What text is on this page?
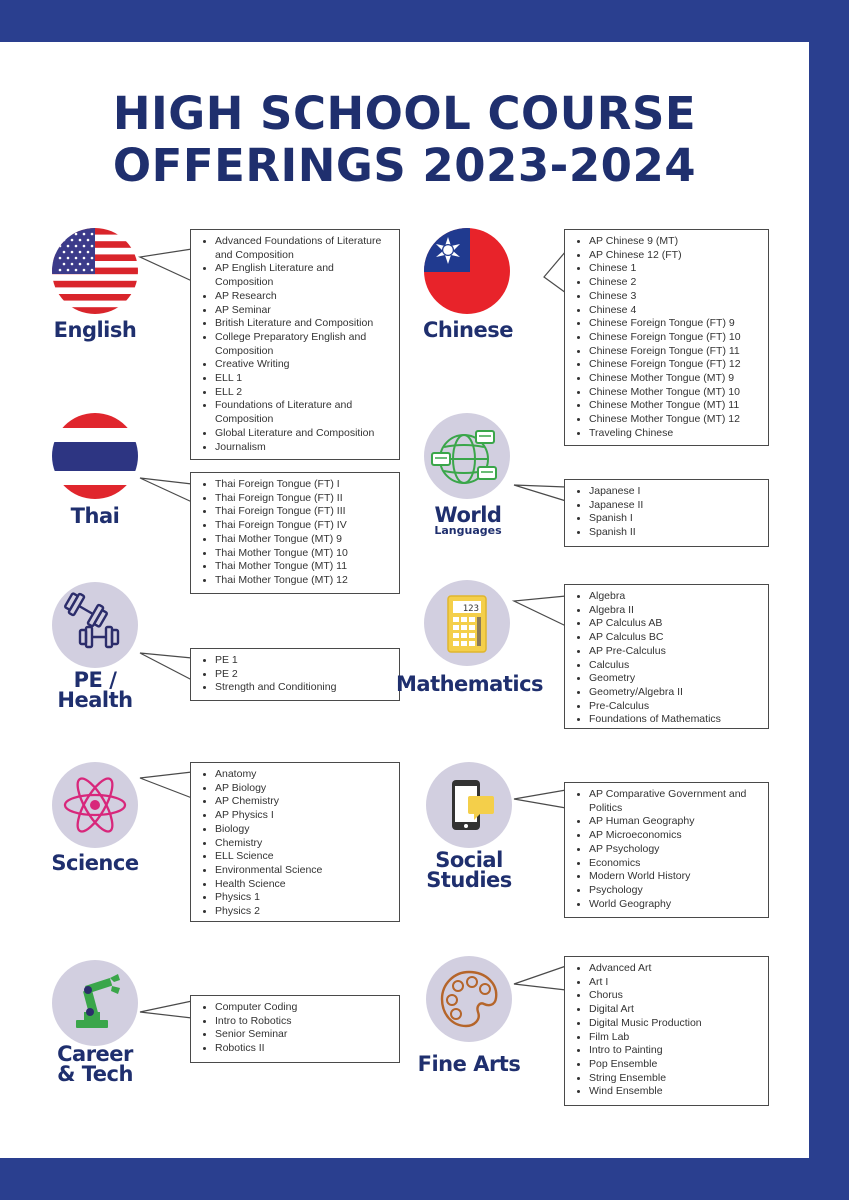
HIGH SCHOOL COURSE
OFFERINGS 2023-2024
English
• Advanced Foundations of Literature and Composition
• AP English Literature and Composition
• AP Research
• AP Seminar
• British Literature and Composition
• College Preparatory English and Composition
• Creative Writing
• ELL 1
• ELL 2
• Foundations of Literature and Composition
• Global Literature and Composition
• Journalism
Thai
• Thai Foreign Tongue (FT) I
• Thai Foreign Tongue (FT) II
• Thai Foreign Tongue (FT) III
• Thai Foreign Tongue (FT) IV
• Thai Mother Tongue (MT) 9
• Thai Mother Tongue (MT) 10
• Thai Mother Tongue (MT) 11
• Thai Mother Tongue (MT) 12
PE /
Health
• PE 1
• PE 2
• Strength and Conditioning
Science
• Anatomy
• AP Biology
• AP Chemistry
• AP Physics I
• Biology
• Chemistry
• ELL Science
• Environmental Science
• Health Science
• Physics 1
• Physics 2
Career
& Tech
• Computer Coding
• Intro to Robotics
• Senior Seminar
• Robotics II
Chinese
• AP Chinese 9 (MT)
• AP Chinese 12 (FT)
• Chinese 1
• Chinese 2
• Chinese 3
• Chinese 4
• Chinese Foreign Tongue (FT) 9
• Chinese Foreign Tongue (FT) 10
• Chinese Foreign Tongue (FT) 11
• Chinese Foreign Tongue (FT) 12
• Chinese Mother Tongue (MT) 9
• Chinese Mother Tongue (MT) 10
• Chinese Mother Tongue (MT) 11
• Chinese Mother Tongue (MT) 12
• Traveling Chinese
World
Languages
• Japanese I
• Japanese II
• Spanish I
• Spanish II
123
Mathematics
• Algebra
• Algebra II
• AP Calculus AB
• AP Calculus BC
• AP Pre-Calculus
• Calculus
• Geometry
• Geometry/Algebra II
• Pre-Calculus
• Foundations of Mathematics
Social
Studies
• AP Comparative Government and Politics
• AP Human Geography
• AP Microeconomics
• AP Psychology
• Economics
• Modern World History
• Psychology
• World Geography
Fine Arts
• Advanced Art
• Art I
• Chorus
• Digital Art
• Digital Music Production
• Film Lab
• Intro to Painting
• Pop Ensemble
• String Ensemble
• Wind Ensemble
